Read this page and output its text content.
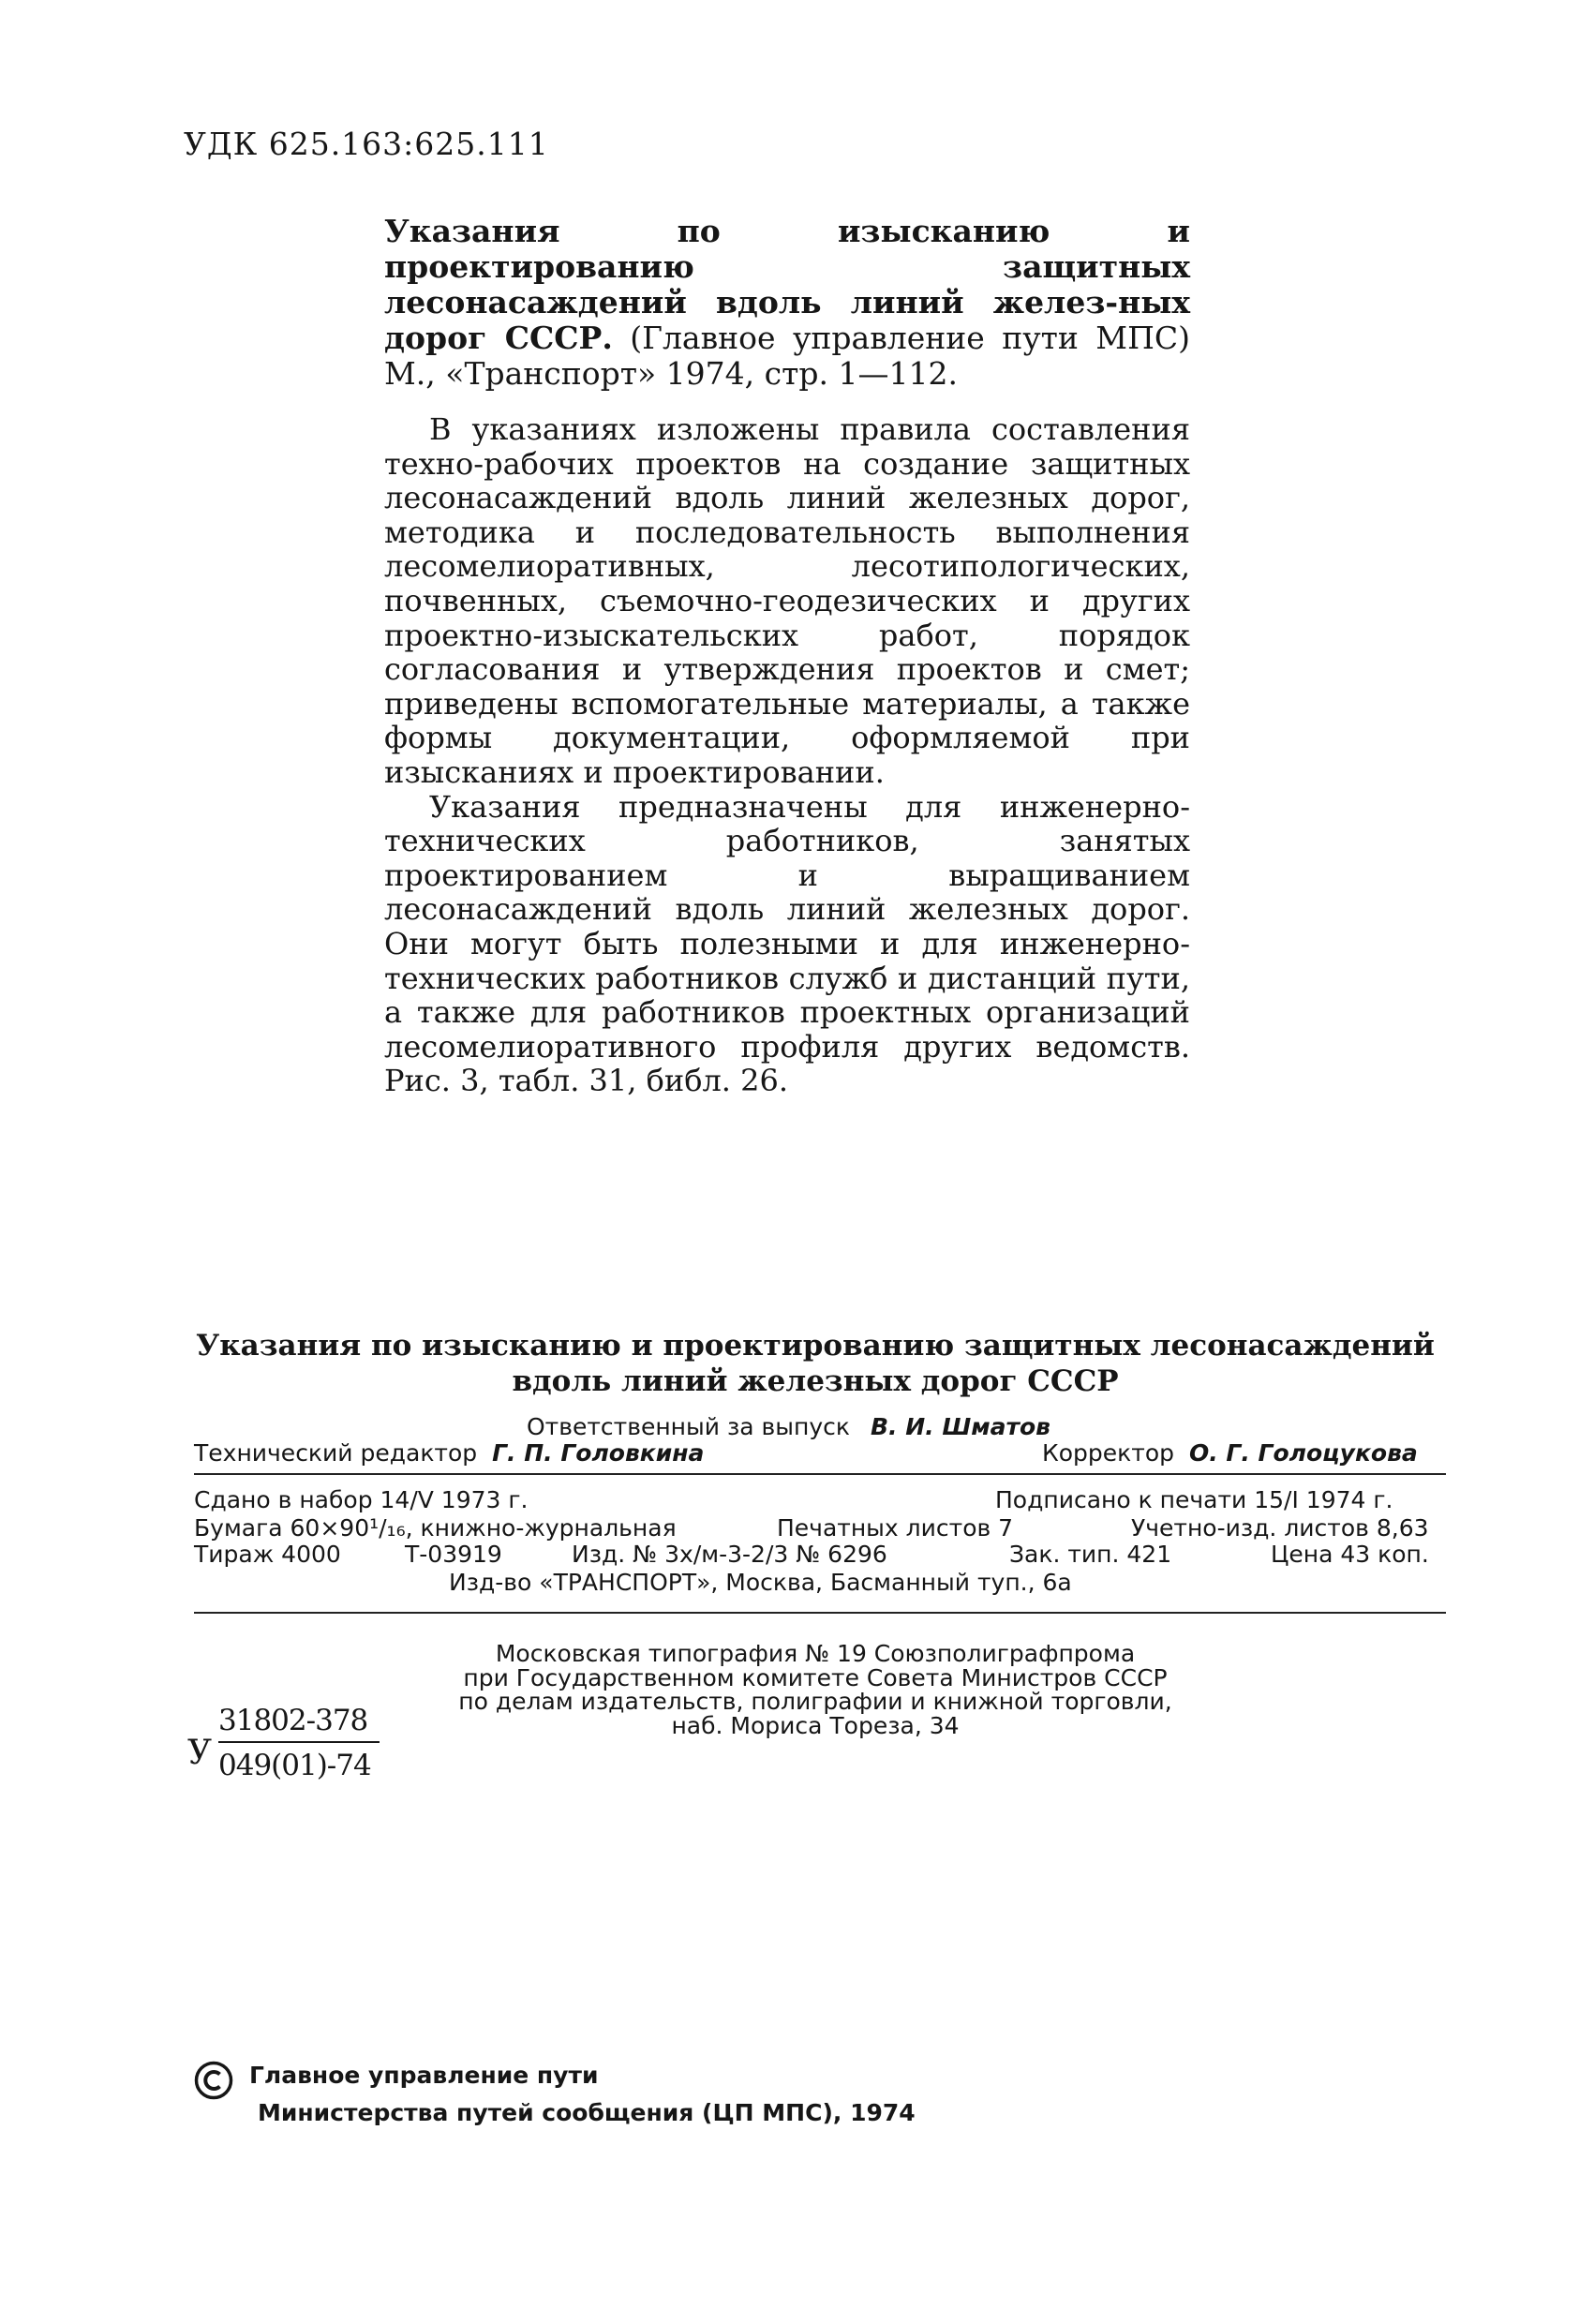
УДК 625.163:625.111
Указания по изысканию и проектированию защитных лесонасаждений вдоль линий желез-ных дорог СССР. (Главное управление пути МПС) М., «Транспорт» 1974, стр. 1—112.

В указаниях изложены правила составления техно-рабочих проектов на создание защитных лесонасаждений вдоль линий железных дорог, методика и последовательность выполнения лесомелиоративных, лесотипологических, почвенных, съемочно-геодезических и других проектно-изыскательских работ, порядок согласования и утверждения проектов и смет; приведены вспомогательные материалы, а также формы документации, оформляемой при изысканиях и проектировании.

Указания предназначены для инженерно-технических работников, занятых проектированием и выращиванием лесонасаждений вдоль линий железных дорог. Они могут быть полезными и для инженерно-технических работников служб и дистанций пути, а также для работников проектных организаций лесомелиоративного профиля других ведомств. Рис. 3, табл. 31, библ. 26.

Указания по изысканию и проектированию защитных лесонасаждений
вдоль линий железных дорог СССР
Ответственный за выпуск В. И. Шматов
Технический редактор Г. П. Головкина	Корректор О. Г. Голоцукова
Сдано в набор 14/V 1973 г.	Подписано к печати 15/I 1974 г.
Бумага 60×90¹/₁₆, книжно-журнальная	Печатных листов 7	Учетно-изд. листов 8,63
Тираж 4000	Т-03919	Изд. № 3х/м-3-2/3 № 6296	Зак. тип. 421	Цена 43 коп.
Изд-во «ТРАНСПОРТ», Москва, Басманный туп., 6а
Московская типография № 19 Союзполиграфпрома
при Государственном комитете Совета Министров СССР
по делам издательств, полиграфии и книжной торговли,
наб. Мориса Тореза, 34
У
31802-378
049(01)-74
Главное управление пути
Министерства путей сообщения (ЦП МПС), 1974
